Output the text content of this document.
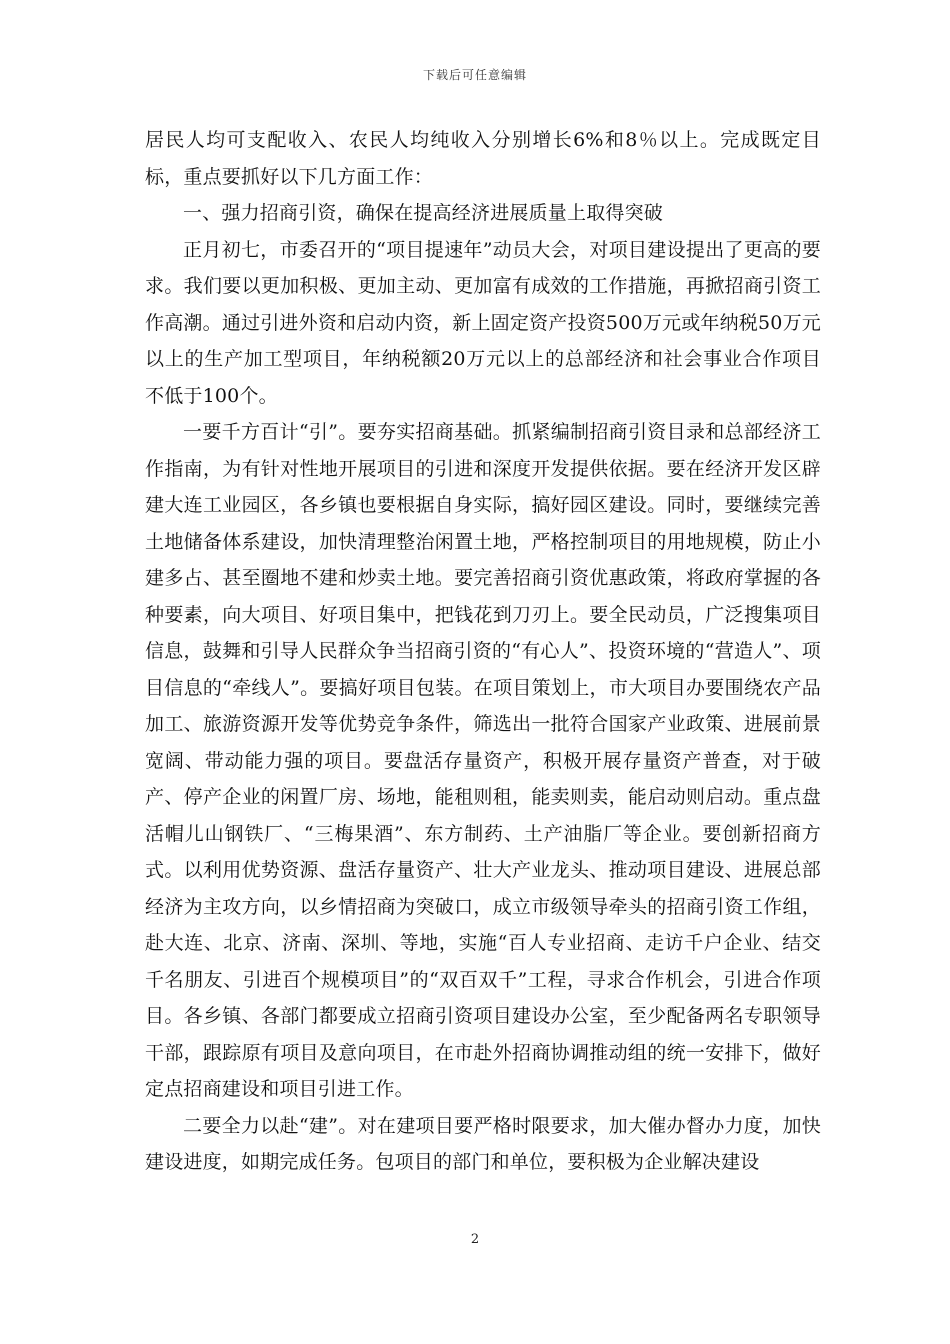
下载后可任意编辑

居民人均可支配收入、农民人均纯收入分别增长6%和8％以上。完成既定目标，重点要抓好以下几方面工作：

一、强力招商引资，确保在提高经济进展质量上取得突破

正月初七，市委召开的“项目提速年”动员大会，对项目建设提出了更高的要求。我们要以更加积极、更加主动、更加富有成效的工作措施，再掀招商引资工作高潮。通过引进外资和启动内资，新上固定资产投资500万元或年纳税50万元以上的生产加工型项目，年纳税额20万元以上的总部经济和社会事业合作项目不低于100个。

一要千方百计“引”。要夯实招商基础。抓紧编制招商引资目录和总部经济工作指南，为有针对性地开展项目的引进和深度开发提供依据。要在经济开发区辟建大连工业园区，各乡镇也要根据自身实际，搞好园区建设。同时，要继续完善土地储备体系建设，加快清理整治闲置土地，严格控制项目的用地规模，防止小建多占、甚至圈地不建和炒卖土地。要完善招商引资优惠政策，将政府掌握的各种要素，向大项目、好项目集中，把钱花到刀刃上。要全民动员，广泛搜集项目信息，鼓舞和引导人民群众争当招商引资的“有心人”、投资环境的“营造人”、项目信息的“牵线人”。要搞好项目包装。在项目策划上，市大项目办要围绕农产品加工、旅游资源开发等优势竞争条件，筛选出一批符合国家产业政策、进展前景宽阔、带动能力强的项目。要盘活存量资产，积极开展存量资产普查，对于破产、停产企业的闲置厂房、场地，能租则租，能卖则卖，能启动则启动。重点盘活帽儿山钢铁厂、“三梅果酒”、东方制药、土产油脂厂等企业。要创新招商方式。以利用优势资源、盘活存量资产、壮大产业龙头、推动项目建设、进展总部经济为主攻方向，以乡情招商为突破口，成立市级领导牵头的招商引资工作组，赴大连、北京、济南、深圳、等地，实施“百人专业招商、走访千户企业、结交千名朋友、引进百个规模项目”的“双百双千”工程，寻求合作机会，引进合作项目。各乡镇、各部门都要成立招商引资项目建设办公室，至少配备两名专职领导干部，跟踪原有项目及意向项目，在市赴外招商协调推动组的统一安排下，做好定点招商建设和项目引进工作。

二要全力以赴“建”。对在建项目要严格时限要求，加大催办督办力度，加快建设进度，如期完成任务。包项目的部门和单位，要积极为企业解决建设

2
